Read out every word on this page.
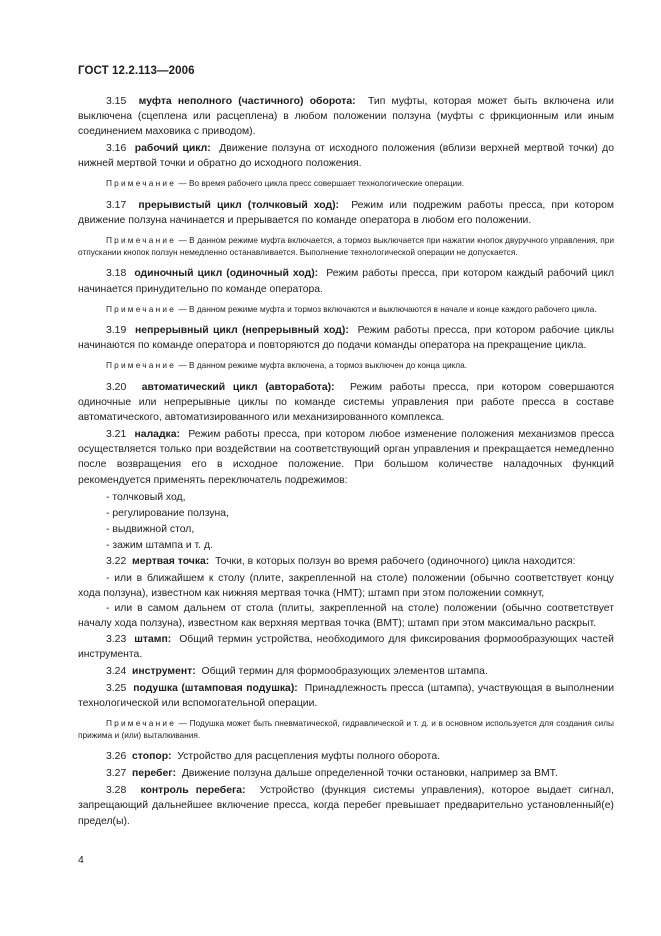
ГОСТ 12.2.113—2006

3.15 муфта неполного (частичного) оборота: Тип муфты, которая может быть включена или выключена (сцеплена или расцеплена) в любом положении ползуна (муфты с фрикционным или иным соединением маховика с приводом).

3.16 рабочий цикл: Движение ползуна от исходного положения (вблизи верхней мертвой точки) до нижней мертвой точки и обратно до исходного положения.

Примечание — Во время рабочего цикла пресс совершает технологические операции.

3.17 прерывистый цикл (толчковый ход): Режим или подрежим работы пресса, при котором движение ползуна начинается и прерывается по команде оператора в любом его положении.

Примечание — В данном режиме муфта включается, а тормоз выключается при нажатии кнопок двуручного управления, при отпускании кнопок ползун немедленно останавливается. Выполнение технологической операции не допускается.

3.18 одиночный цикл (одиночный ход): Режим работы пресса, при котором каждый рабочий цикл начинается принудительно по команде оператора.

Примечание — В данном режиме муфта и тормоз включаются и выключаются в начале и конце каждого рабочего цикла.

3.19 непрерывный цикл (непрерывный ход): Режим работы пресса, при котором рабочие циклы начинаются по команде оператора и повторяются до подачи команды оператора на прекращение цикла.

Примечание — В данном режиме муфта включена, а тормоз выключен до конца цикла.

3.20 автоматический цикл (авторабота): Режим работы пресса, при котором совершаются одиночные или непрерывные циклы по команде системы управления при работе пресса в составе автоматического, автоматизированного или механизированного комплекса.

3.21 наладка: Режим работы пресса, при котором любое изменение положения механизмов пресса осуществляется только при воздействии на соответствующий орган управления и прекращается немедленно после возвращения его в исходное положение. При большом количестве наладочных функций рекомендуется применять переключатель подрежимов:

- толчковый ход,

- регулирование ползуна,

- выдвижной стол,

- зажим штампа и т. д.

3.22 мертвая точка: Точки, в которых ползун во время рабочего (одиночного) цикла находится:

- или в ближайшем к столу (плите, закрепленной на столе) положении (обычно соответствует концу хода ползуна), известном как нижняя мертвая точка (НМТ); штамп при этом положении сомкнут,

- или в самом дальнем от стола (плиты, закрепленной на столе) положении (обычно соответствует началу хода ползуна), известном как верхняя мертвая точка (ВМТ); штамп при этом максимально раскрыт.

3.23 штамп: Общий термин устройства, необходимого для фиксирования формообразующих частей инструмента.

3.24 инструмент: Общий термин для формообразующих элементов штампа.

3.25 подушка (штамповая подушка): Принадлежность пресса (штампа), участвующая в выполнении технологической или вспомогательной операции.

Примечание — Подушка может быть пневматической, гидравлической и т. д. и в основном используется для создания силы прижима и (или) выталкивания.

3.26 стопор: Устройство для расцепления муфты полного оборота.

3.27 перебег: Движение ползуна дальше определенной точки остановки, например за ВМТ.

3.28 контроль перебега: Устройство (функция системы управления), которое выдает сигнал, запрещающий дальнейшее включение пресса, когда перебег превышает предварительно установленный(е) предел(ы).

4
